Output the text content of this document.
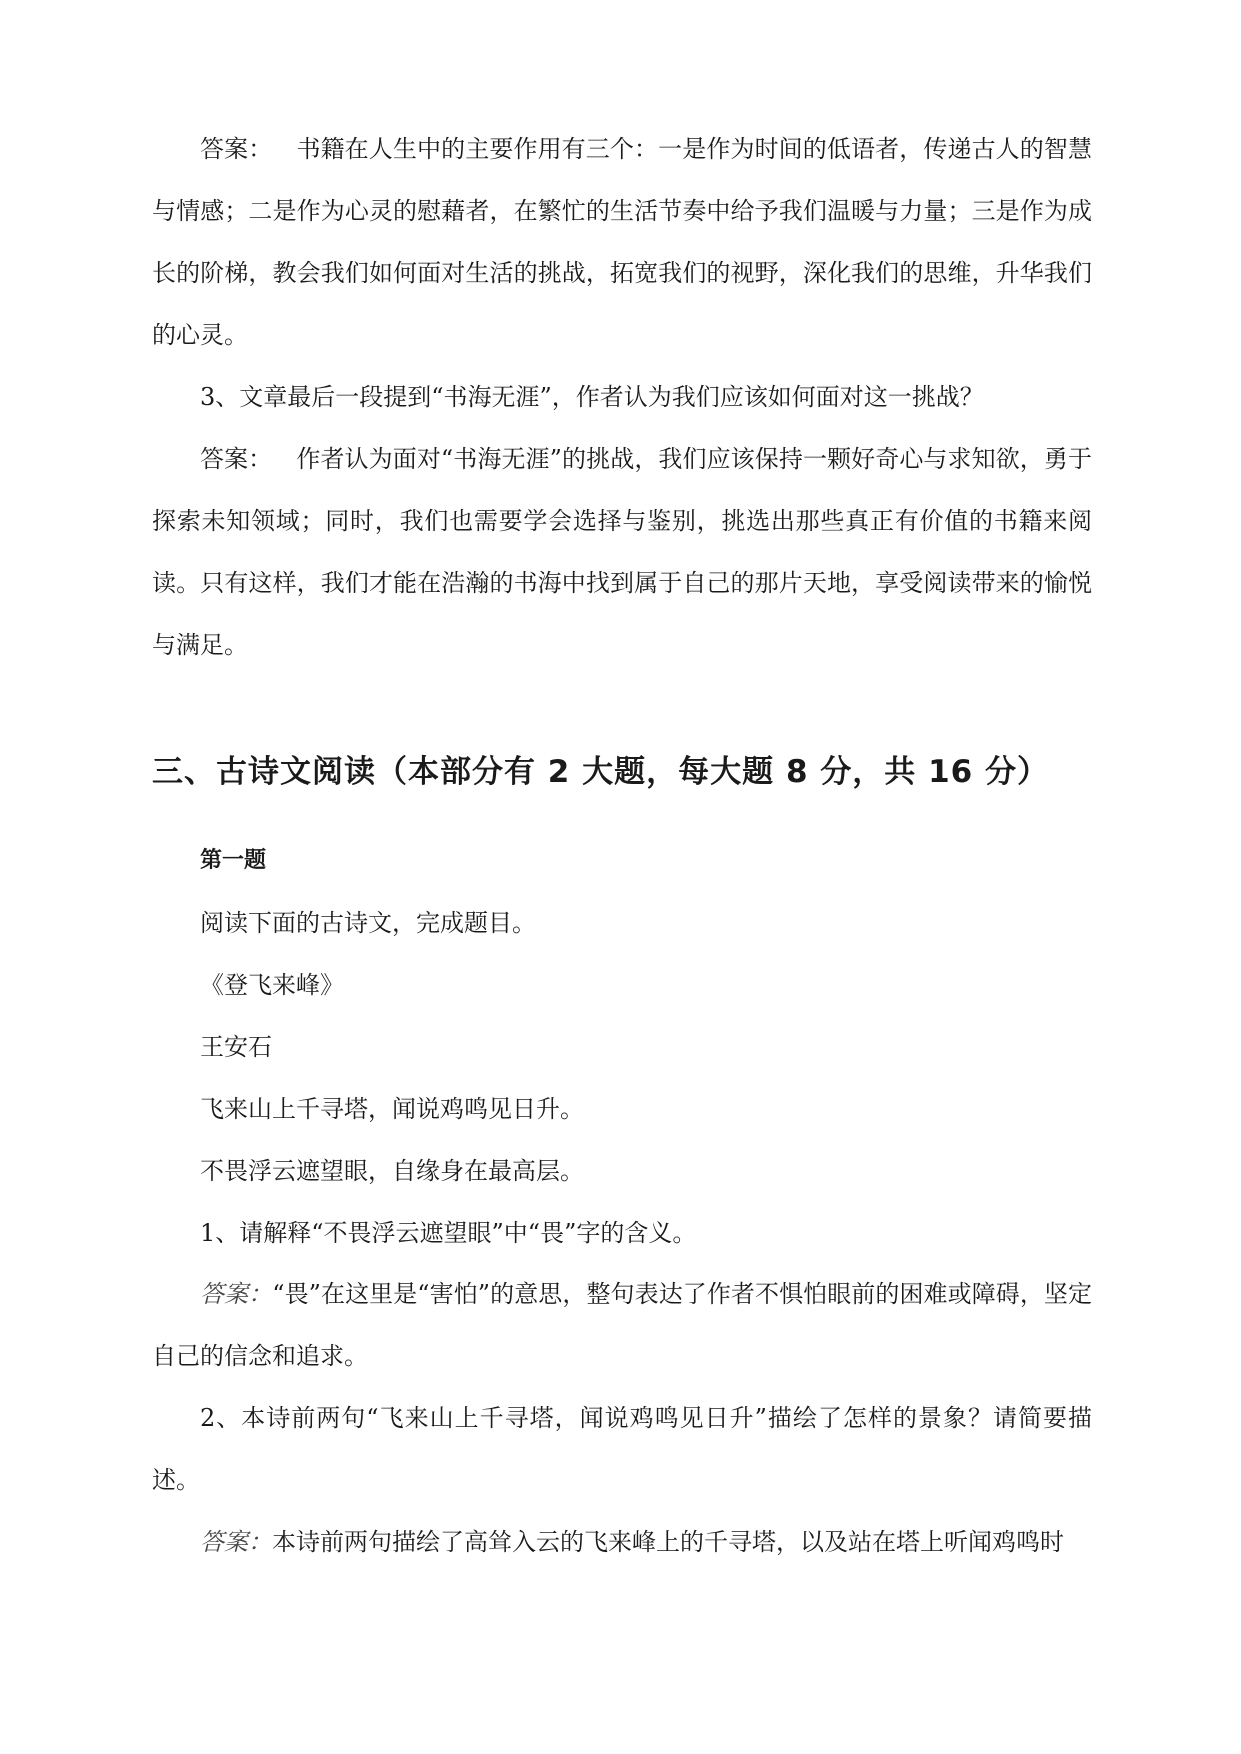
答案：  书籍在人生中的主要作用有三个：一是作为时间的低语者，传递古人的智慧与情感；二是作为心灵的慰藉者，在繁忙的生活节奏中给予我们温暖与力量；三是作为成长的阶梯，教会我们如何面对生活的挑战，拓宽我们的视野，深化我们的思维，升华我们的心灵。

3、文章最后一段提到“书海无涯”，作者认为我们应该如何面对这一挑战？

答案：  作者认为面对“书海无涯”的挑战，我们应该保持一颗好奇心与求知欲，勇于探索未知领域；同时，我们也需要学会选择与鉴别，挑选出那些真正有价值的书籍来阅读。只有这样，我们才能在浩瀚的书海中找到属于自己的那片天地，享受阅读带来的愉悦与满足。

三、古诗文阅读（本部分有 2 大题，每大题 8 分，共 16 分）
第一题

阅读下面的古诗文，完成题目。

《登飞来峰》

王安石

飞来山上千寻塔，闻说鸡鸣见日升。

不畏浮云遮望眼，自缘身在最高层。

1、请解释“不畏浮云遮望眼”中“畏”字的含义。

答案：“畏”在这里是“害怕”的意思，整句表达了作者不惧怕眼前的困难或障碍，坚定自己的信念和追求。

2、本诗前两句“飞来山上千寻塔，闻说鸡鸣见日升”描绘了怎样的景象？请简要描述。

答案：本诗前两句描绘了高耸入云的飞来峰上的千寻塔，以及站在塔上听闻鸡鸣时
